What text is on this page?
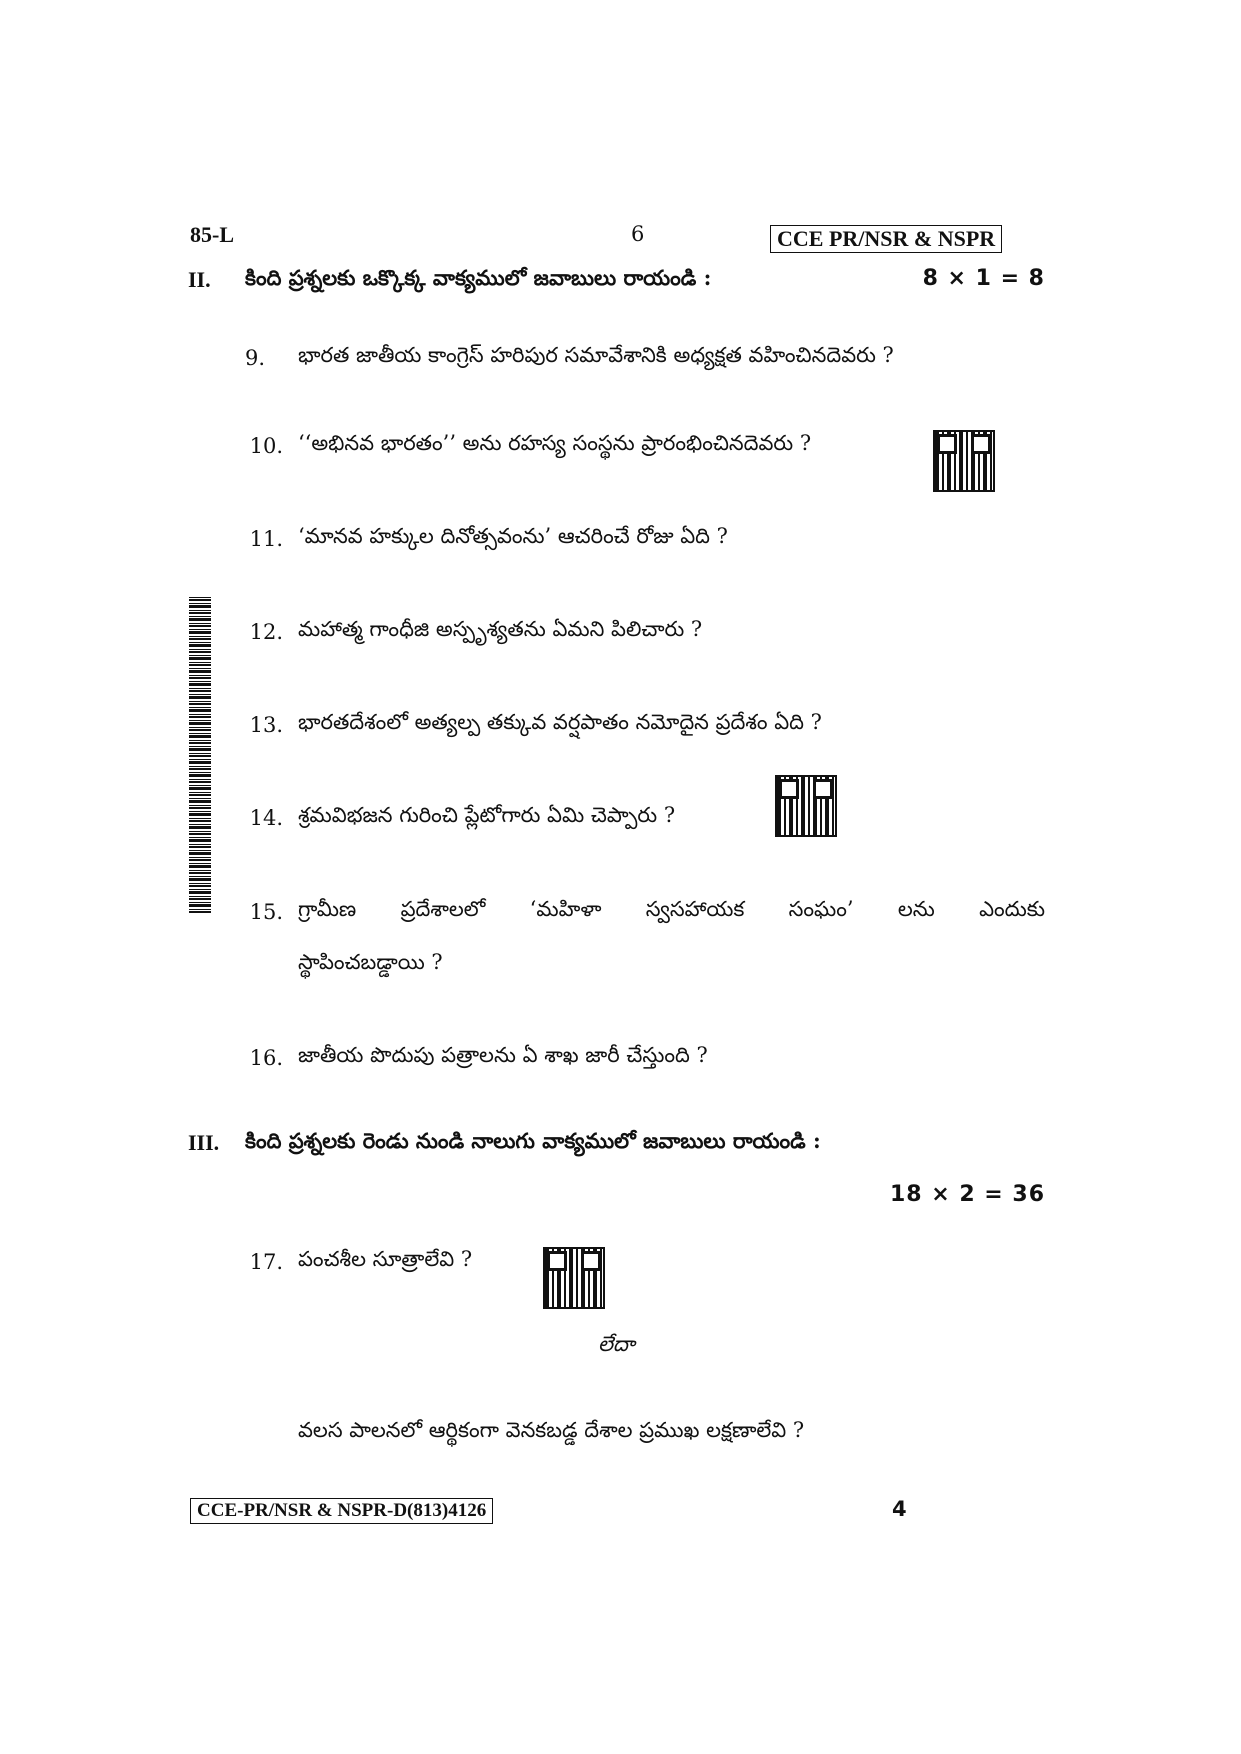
85-L	6	CCE PR/NSR & NSPR
II. కింది ప్రశ్నలకు ఒక్కొక్క వాక్యములో జవాబులు రాయండి :	8 × 1 = 8
9. భారత జాతీయ కాంగ్రెస్ హరిపుర సమావేశానికి అధ్యక్షత వహించినదెవరు ?
10. ‘‘అభినవ భారతం’’ అను రహస్య సంస్థను ప్రారంభించినదెవరు ?
11. ‘మానవ హక్కుల దినోత్సవంను’ ఆచరించే రోజు ఏది ?
12. మహాత్మ గాంధీజి అస్పృశ్యతను ఏమని పిలిచారు ?
13. భారతదేశంలో అత్యల్ప తక్కువ వర్షపాతం నమోదైన ప్రదేశం ఏది ?
14. శ్రమవిభజన గురించి ప్లేటోగారు ఏమి చెప్పారు ?
15. గ్రామీణ ప్రదేశాలలో ‘మహిళా స్వసహాయక సంఘం’ లను ఎందుకు
స్థాపించబడ్డాయి ?
16. జాతీయ పొదుపు పత్రాలను ఏ శాఖ జారీ చేస్తుంది ?
III. కింది ప్రశ్నలకు రెండు నుండి నాలుగు వాక్యములో జవాబులు రాయండి :
18 × 2 = 36
17. పంచశీల సూత్రాలేవి ?
లేదా
వలస పాలనలో ఆర్థికంగా వెనకబడ్డ దేశాల ప్రముఖ లక్షణాలేవి ?
CCE-PR/NSR & NSPR-D(813)4126	4
